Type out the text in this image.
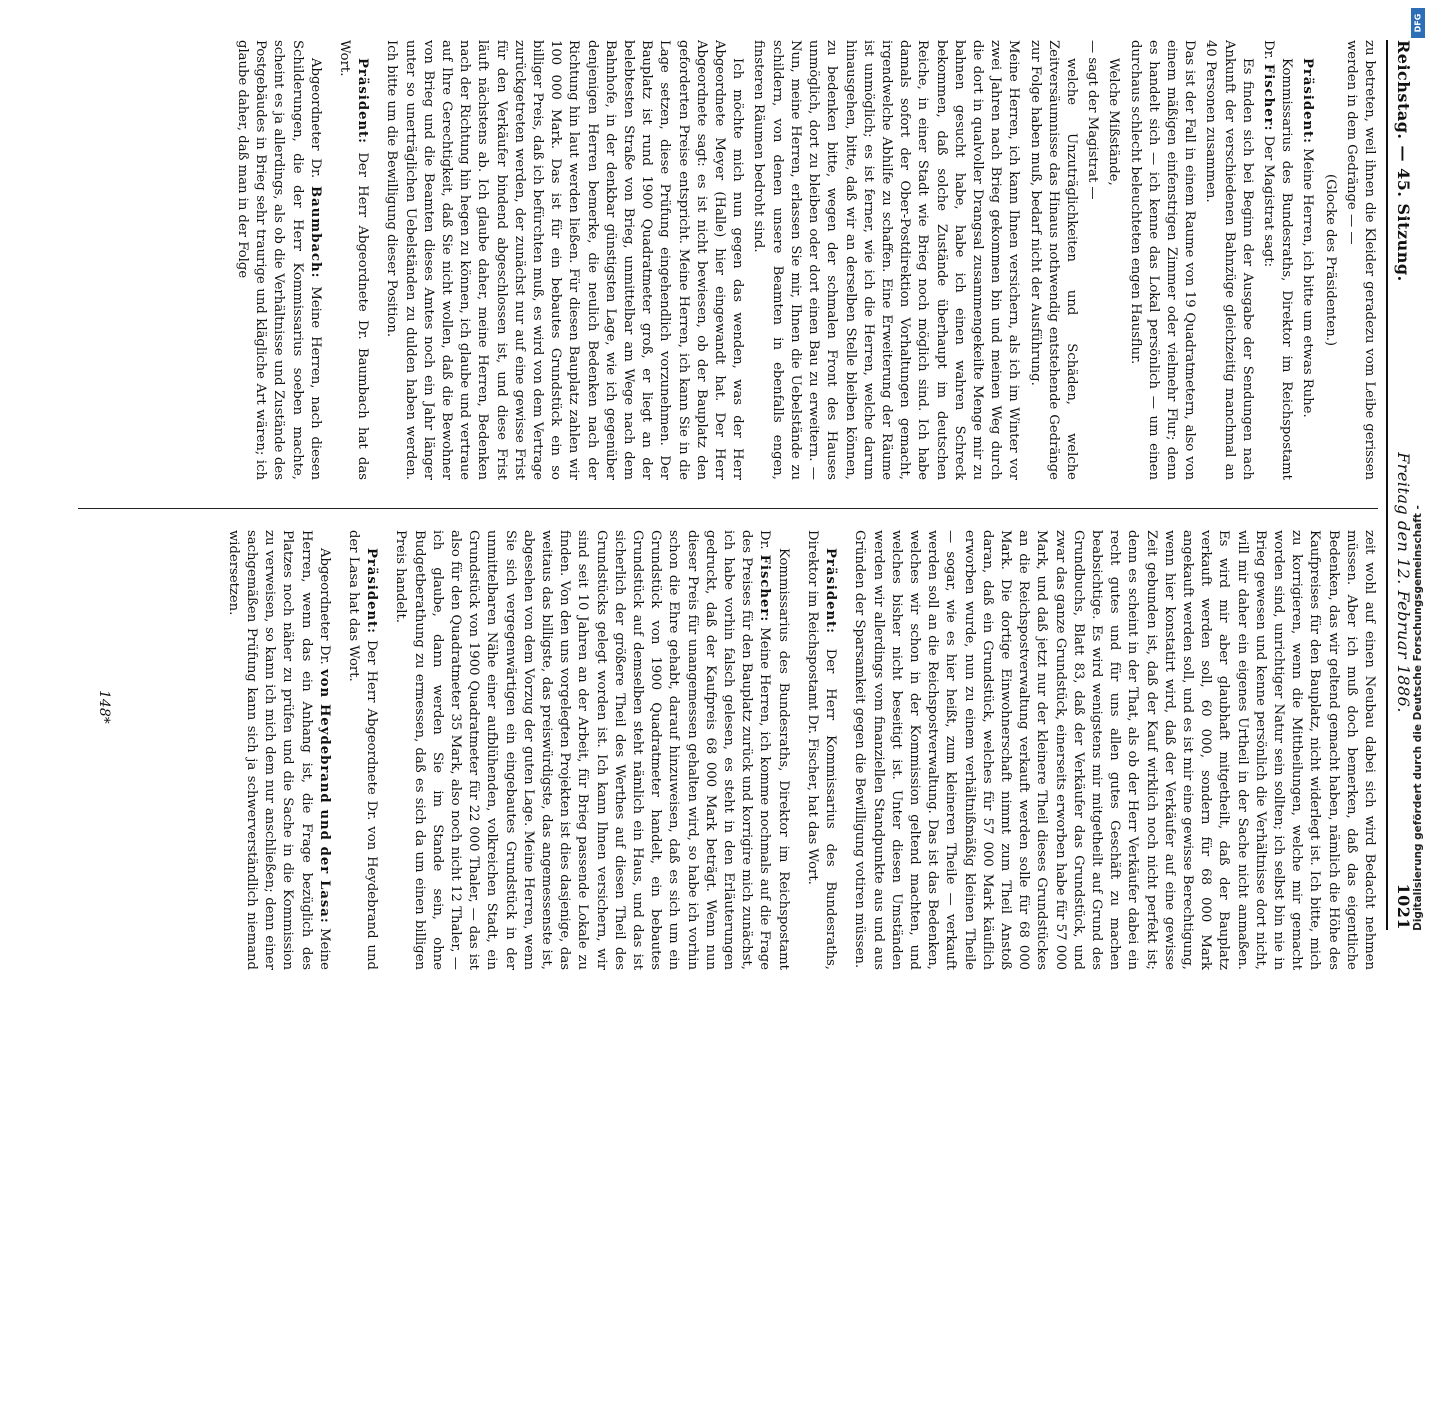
Reichstag. — 45. Sitzung.
Freitag den 12. Februar 1886.
1021

zu betreten, weil ihnen die Kleider geradezu vom Leibe gerissen werden in dem Gedränge — —

(Glocke des Präsidenten.)

Präsident: Meine Herren, ich bitte um etwas Ruhe.

Kommissarius des Bundesraths, Direktor im Reichspostamt Dr. Fischer: Der Magistrat sagt:

Es finden sich bei Beginn der Ausgabe der Sendungen nach Ankunft der verschiedenen Bahnzüge gleichzeitig manchmal an 40 Personen zusammen.

Das ist der Fall in einem Raume von 19 Quadratmetern, also von einem mäßigen einfenstrigen Zimmer oder vielmehr Flur; denn es handelt sich — ich kenne das Lokal persönlich — um einen durchaus schlecht beleuchteten engen Hausflur.

Welche Mißstände,

— sagt der Magistrat —

welche Unzuträglichkeiten und Schäden, welche Zeitversäumnisse das Hinaus nothwendig entstehende Gedränge zur Folge haben muß, bedarf nicht der Ausführung.

Meine Herren, ich kann Ihnen versichern, als ich im Winter vor zwei Jahren nach Brieg gekommen bin und meinen Weg durch die dort in qualvoller Drangsal zusammengekeilte Menge mir zu bahnen gesucht habe, habe ich einen wahren Schreck bekommen, daß solche Zustände überhaupt im deutschen Reiche, in einer Stadt wie Brieg noch möglich sind. Ich habe damals sofort der Ober-Postdirektion Vorhaltungen gemacht, irgendwelche Abhilfe zu schaffen. Eine Erweiterung der Räume ist unmöglich; es ist ferner, wie ich die Herren, welche darum hinausgehen, bitte, daß wir an derselben Stelle bleiben können, zu bedenken bitte, wegen der schmalen Front des Hauses unmöglich, dort zu bleiben oder dort einen Bau zu erweitern. — Nun, meine Herren, erlassen Sie mir, Ihnen die Uebelstände zu schildern, von denen unsere Beamten in ebenfalls engen, finsteren Räumen bedroht sind.

Ich möchte mich nun gegen das wenden, was der Herr Abgeordnete Meyer (Halle) hier eingewandt hat. Der Herr Abgeordnete sagt: es ist nicht bewiesen, ob der Bauplatz den geforderten Preise entspricht. Meine Herren, ich kann Sie in die Lage setzen, diese Prüfung eingehendlich vorzunehmen. Der Bauplatz ist rund 1900 Quadratmeter groß, er liegt an der belebtesten Straße von Brieg, unmittelbar am Wege nach dem Bahnhofe, in der denkbar günstigsten Lage, wie ich gegenüber denjenigen Herren bemerke, die neulich Bedenken nach der Richtung hin laut werden ließen. Für diesen Bauplatz zahlen wir 100 000 Mark. Das ist für ein bebautes Grundstück ein so billiger Preis, daß ich befürchten muß, es wird von dem Vertrage zurückgetreten werden, der zunächst nur auf eine gewisse Frist für den Verkäufer bindend abgeschlossen ist, und diese Frist läuft nächstens ab. Ich glaube daher, meine Herren, Bedenken nach der Richtung hin hegen zu können, ich glaube und vertraue auf Ihre Gerechtigkeit, daß Sie nicht wollen, daß die Bewohner von Brieg und die Beamten dieses Amtes noch ein Jahr länger unter so unerträglichen Uebelständen zu dulden haben werden. Ich bitte um die Bewilligung dieser Position.

Präsident: Der Herr Abgeordnete Dr. Baumbach hat das Wort.

Abgeordneter Dr. Baumbach: Meine Herren, nach diesen Schilderungen, die der Herr Kommissarius soeben machte, scheint es ja allerdings, als ob die Verhältnisse und Zustände des Postgebäudes in Brieg sehr traurige und klägliche Art wären; ich glaube daher, daß man in der Folge

zeit wohl auf einen Neubau dabei sich wird Bedacht nehmen müssen. Aber ich muß doch bemerken, daß das eigentliche Bedenken, das wir geltend gemacht haben, nämlich die Höhe des Kaufpreises für den Bauplatz, nicht widerlegt ist. Ich bitte, mich zu korrigieren, wenn die Mittheilungen, welche mir gemacht worden sind, unrichtiger Natur sein sollten; ich selbst bin nie in Brieg gewesen und kenne persönlich die Verhältnisse dort nicht, will mir daher ein eigenes Urtheil in der Sache nicht anmaßen. Es wird mir aber glaubhaft mitgetheilt, daß der Bauplatz verkauft werden soll, 60 000, sondern für 68 000 Mark angekauft werden soll, und es ist mir eine gewisse Berechtigung, wenn hier konstatirt wird, daß der Verkäufer auf eine gewisse Zeit gebunden ist, daß der Kauf wirklich noch nicht perfekt ist; denn es scheint in der That, als ob der Herr Verkäufer dabei ein recht gutes und für uns allen gutes Geschäft zu machen beabsichtige. Es wird wenigstens mir mitgetheilt auf Grund des Grundbuchs, Blatt 83, daß der Verkäufer das Grundstück, und zwar das ganze Grundstück, einerseits erworben habe für 57 000 Mark, und daß jetzt nur der kleinere Theil dieses Grundstückes an die Reichspostverwaltung verkauft werden solle für 68 000 Mark. Die dortige Einwohnerschaft nimmt zum Theil Anstoß daran, daß ein Grundstück, welches für 57 000 Mark käuflich erworben wurde, nun zu einem verhältnißmäßig kleinen Theile — sogar, wie es hier heißt, zum kleineren Theile — verkauft werden soll an die Reichspostverwaltung. Das ist das Bedenken, welches wir schon in der Kommission geltend machten, und welches bisher nicht beseitigt ist. Unter diesen Umständen werden wir allerdings vom finanziellen Standpunkte aus und aus Gründen der Sparsamkeit gegen die Bewilligung votiren müssen.

Präsident: Der Herr Kommissarius des Bundesraths, Direktor im Reichspostamt Dr. Fischer, hat das Wort.

Kommissarius des Bundesraths, Direktor im Reichspostamt Dr. Fischer: Meine Herren, ich komme nochmals auf die Frage des Preises für den Bauplatz zurück und korrigire mich zunächst, ich habe vorhin falsch gelesen, es steht in den Erläuterungen gedruckt, daß der Kaufpreis 68 000 Mark beträgt. Wenn nun dieser Preis für unangemessen gehalten wird, so habe ich vorhin schon die Ehre gehabt, darauf hinzuweisen, daß es sich um ein Grundstück von 1900 Quadratmeter handelt, ein bebautes Grundstück auf demselben steht nämlich ein Haus, und das ist sicherlich der größere Theil des Werthes auf diesen Theil des Grundstücks gelegt worden ist. Ich kann Ihnen versichern, wir sind seit 10 Jahren an der Arbeit, für Brieg passende Lokale zu finden. Von den uns vorgelegten Projekten ist dies dasjenige, das weitaus das billigste, das preiswürdigste, das angemessenste ist, abgesehen von dem Vorzug der guten Lage. Meine Herren, wenn Sie sich vergegenwärtigen ein eingebautes Grundstück in der unmittelbaren Nähe einer aufblühenden, volkreichen Stadt, ein Grundstück von 1900 Quadratmeter für 22 000 Thaler, — das ist also für den Quadratmeter 35 Mark, also noch nicht 12 Thaler, — ich glaube, dann werden Sie im Stande sein, ohne Budgetberathung zu ermessen, daß es sich da um einen billigen Preis handelt.

Präsident: Der Herr Abgeordnete Dr. von Heydebrand und der Lasa hat das Wort.

Abgeordneter Dr. von Heydebrand und der Lasa: Meine Herren, wenn das ein Anhang ist, die Frage bezüglich des Platzes noch näher zu prüfen und die Sache in die Kommission zu verweisen, so kann ich mich dem nur anschließen; denn einer sachgemäßen Prüfung kann sich ja schwerverständlich niemand widersetzen.

148*
DFG
Digitalisierung gefördert durch die Deutsche Forschungsgemeinschaft -
